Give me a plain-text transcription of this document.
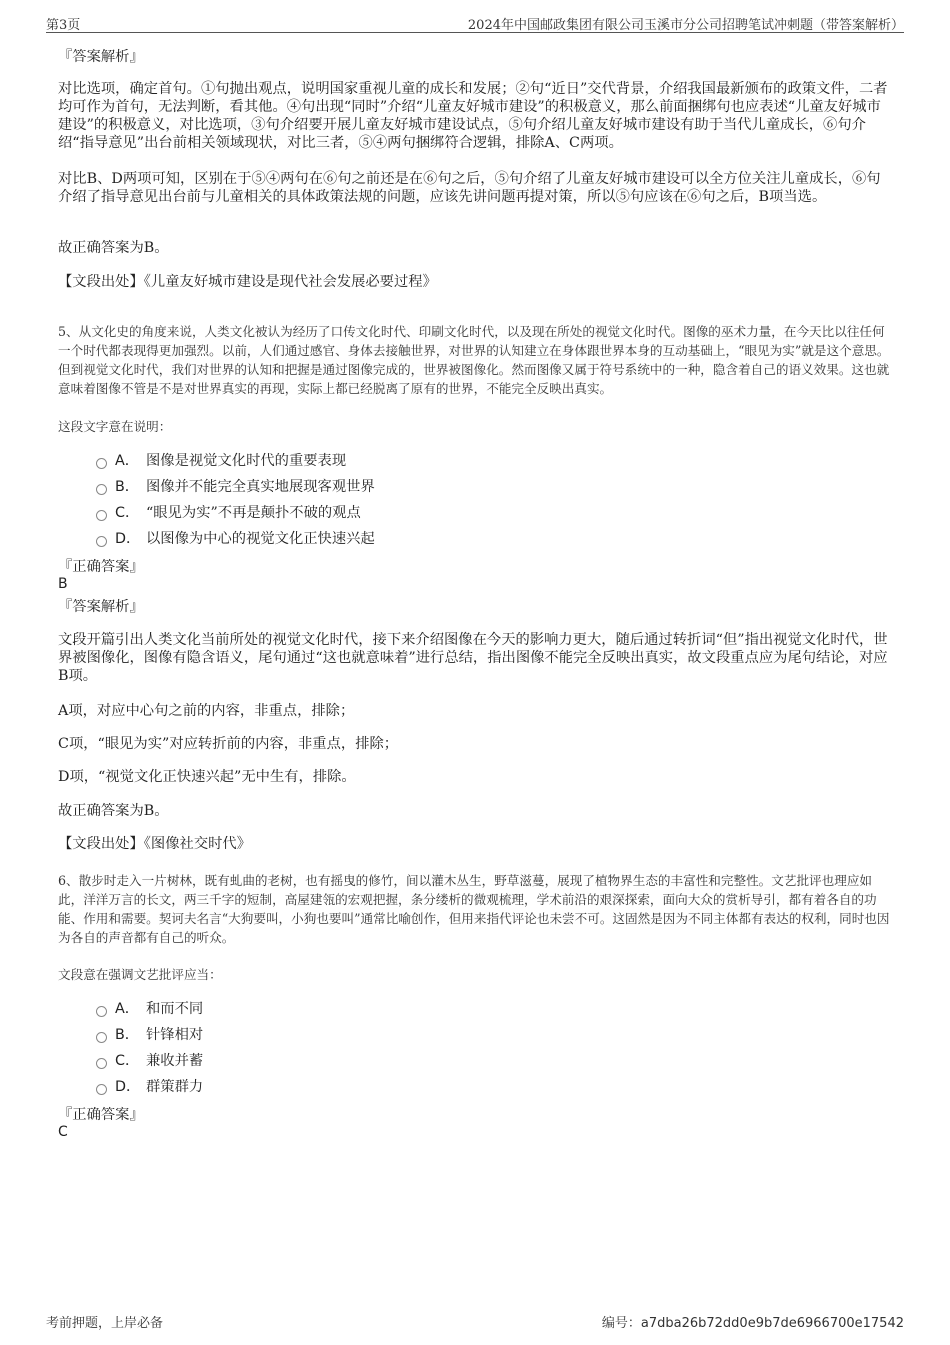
第3页	2024年中国邮政集团有限公司玉溪市分公司招聘笔试冲刺题（带答案解析）
『答案解析』

对比选项，确定首句。①句抛出观点，说明国家重视儿童的成长和发展；②句“近日”交代背景，介绍我国最新颁布的政策文件，二者均可作为首句，无法判断，看其他。④句出现“同时”介绍“儿童友好城市建设”的积极意义，那么前面捆绑句也应表述“儿童友好城市建设”的积极意义，对比选项，③句介绍要开展儿童友好城市建设试点，⑤句介绍儿童友好城市建设有助于当代儿童成长，⑥句介绍“指导意见”出台前相关领域现状，对比三者，⑤④两句捆绑符合逻辑，排除A、C两项。

对比B、D两项可知，区别在于⑤④两句在⑥句之前还是在⑥句之后，⑤句介绍了儿童友好城市建设可以全方位关注儿童成长，⑥句介绍了指导意见出台前与儿童相关的具体政策法规的问题，应该先讲问题再提对策，所以⑤句应该在⑥句之后，B项当选。

故正确答案为B。

【文段出处】《儿童友好城市建设是现代社会发展必要过程》

5、从文化史的角度来说，人类文化被认为经历了口传文化时代、印刷文化时代，以及现在所处的视觉文化时代。图像的巫术力量，在今天比以往任何一个时代都表现得更加强烈。以前，人们通过感官、身体去接触世界，对世界的认知建立在身体跟世界本身的互动基础上，“眼见为实”就是这个意思。但到视觉文化时代，我们对世界的认知和把握是通过图像完成的，世界被图像化。然而图像又属于符号系统中的一种，隐含着自己的语义效果。这也就意味着图像不管是不是对世界真实的再现，实际上都已经脱离了原有的世界，不能完全反映出真实。

这段文字意在说明：

A． 图像是视觉文化时代的重要表现
B． 图像并不能完全真实地展现客观世界
C． “眼见为实”不再是颠扑不破的观点
D． 以图像为中心的视觉文化正快速兴起
『正确答案』
B
『答案解析』

文段开篇引出人类文化当前所处的视觉文化时代，接下来介绍图像在今天的影响力更大，随后通过转折词“但”指出视觉文化时代，世界被图像化，图像有隐含语义，尾句通过“这也就意味着”进行总结，指出图像不能完全反映出真实，故文段重点应为尾句结论，对应B项。

A项，对应中心句之前的内容，非重点，排除；

C项，“眼见为实”对应转折前的内容，非重点，排除；

D项，“视觉文化正快速兴起”无中生有，排除。

故正确答案为B。

【文段出处】《图像社交时代》

6、散步时走入一片树林，既有虬曲的老树，也有摇曳的修竹，间以灌木丛生，野草滋蔓，展现了植物界生态的丰富性和完整性。文艺批评也理应如此，洋洋万言的长文，两三千字的短制，高屋建瓴的宏观把握，条分缕析的微观梳理，学术前沿的艰深探索，面向大众的赏析导引，都有着各自的功能、作用和需要。契诃夫名言“大狗要叫，小狗也要叫”通常比喻创作，但用来指代评论也未尝不可。这固然是因为不同主体都有表达的权利，同时也因为各自的声音都有自己的听众。

文段意在强调文艺批评应当：

A． 和而不同
B． 针锋相对
C． 兼收并蓄
D． 群策群力
『正确答案』
C
考前押题，上岸必备	编号：a7dba26b72dd0e9b7de6966700e17542
